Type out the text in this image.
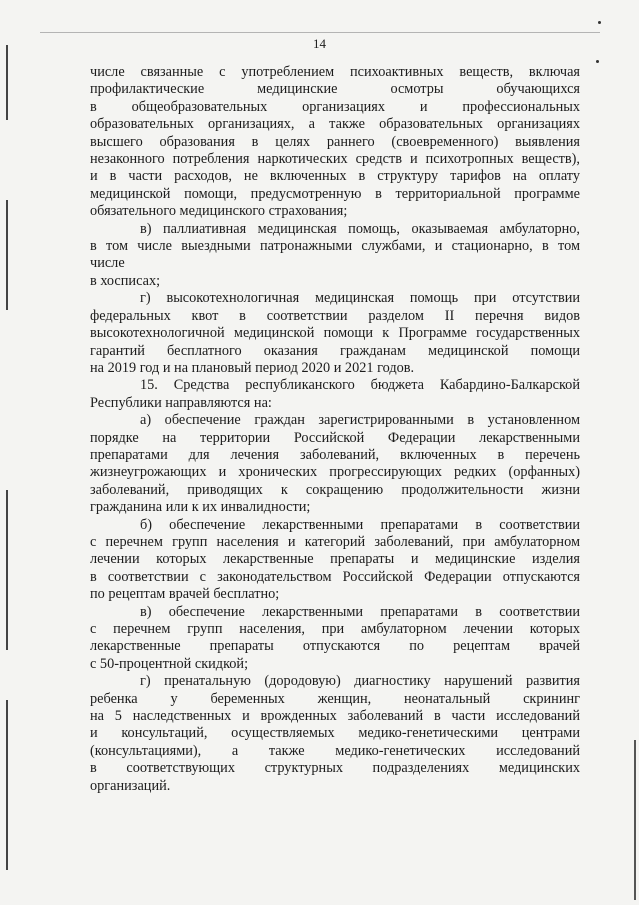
14

числе связанные с употреблением психоактивных веществ, включая

профилактические медицинские осмотры обучающихся

в общеобразовательных организациях и профессиональных

образовательных организациях, а также образовательных организациях

высшего образования в целях раннего (своевременного) выявления

незаконного потребления наркотических средств и психотропных веществ),

и в части расходов, не включенных в структуру тарифов на оплату

медицинской помощи, предусмотренную в территориальной программе

обязательного медицинского страхования;

в) паллиативная медицинская помощь, оказываемая амбулаторно,

в том числе выездными патронажными службами, и стационарно, в том

числе

в хосписах;

г) высокотехнологичная медицинская помощь при отсутствии

федеральных квот в соответствии разделом II перечня видов

высокотехнологичной медицинской помощи к Программе государственных

гарантий бесплатного оказания гражданам медицинской помощи

на 2019 год и на плановый период 2020 и 2021 годов.

15. Средства республиканского бюджета Кабардино-Балкарской

Республики направляются на:

а) обеспечение граждан зарегистрированными в установленном

порядке на территории Российской Федерации лекарственными

препаратами для лечения заболеваний, включенных в перечень

жизнеугрожающих и хронических прогрессирующих редких (орфанных)

заболеваний, приводящих к сокращению продолжительности жизни

гражданина или к их инвалидности;

б) обеспечение лекарственными препаратами в соответствии

с перечнем групп населения и категорий заболеваний, при амбулаторном

лечении которых лекарственные препараты и медицинские изделия

в соответствии с законодательством Российской Федерации отпускаются

по рецептам врачей бесплатно;

в) обеспечение лекарственными препаратами в соответствии

с перечнем групп населения, при амбулаторном лечении которых

лекарственные препараты отпускаются по рецептам врачей

с 50-процентной скидкой;

г) пренатальную (дородовую) диагностику нарушений развития

ребенка у беременных женщин, неонатальный скрининг

на 5 наследственных и врожденных заболеваний в части исследований

и консультаций, осуществляемых медико-генетическими центрами

(консультациями), а также медико-генетических исследований

в соответствующих структурных подразделениях медицинских

организаций.
